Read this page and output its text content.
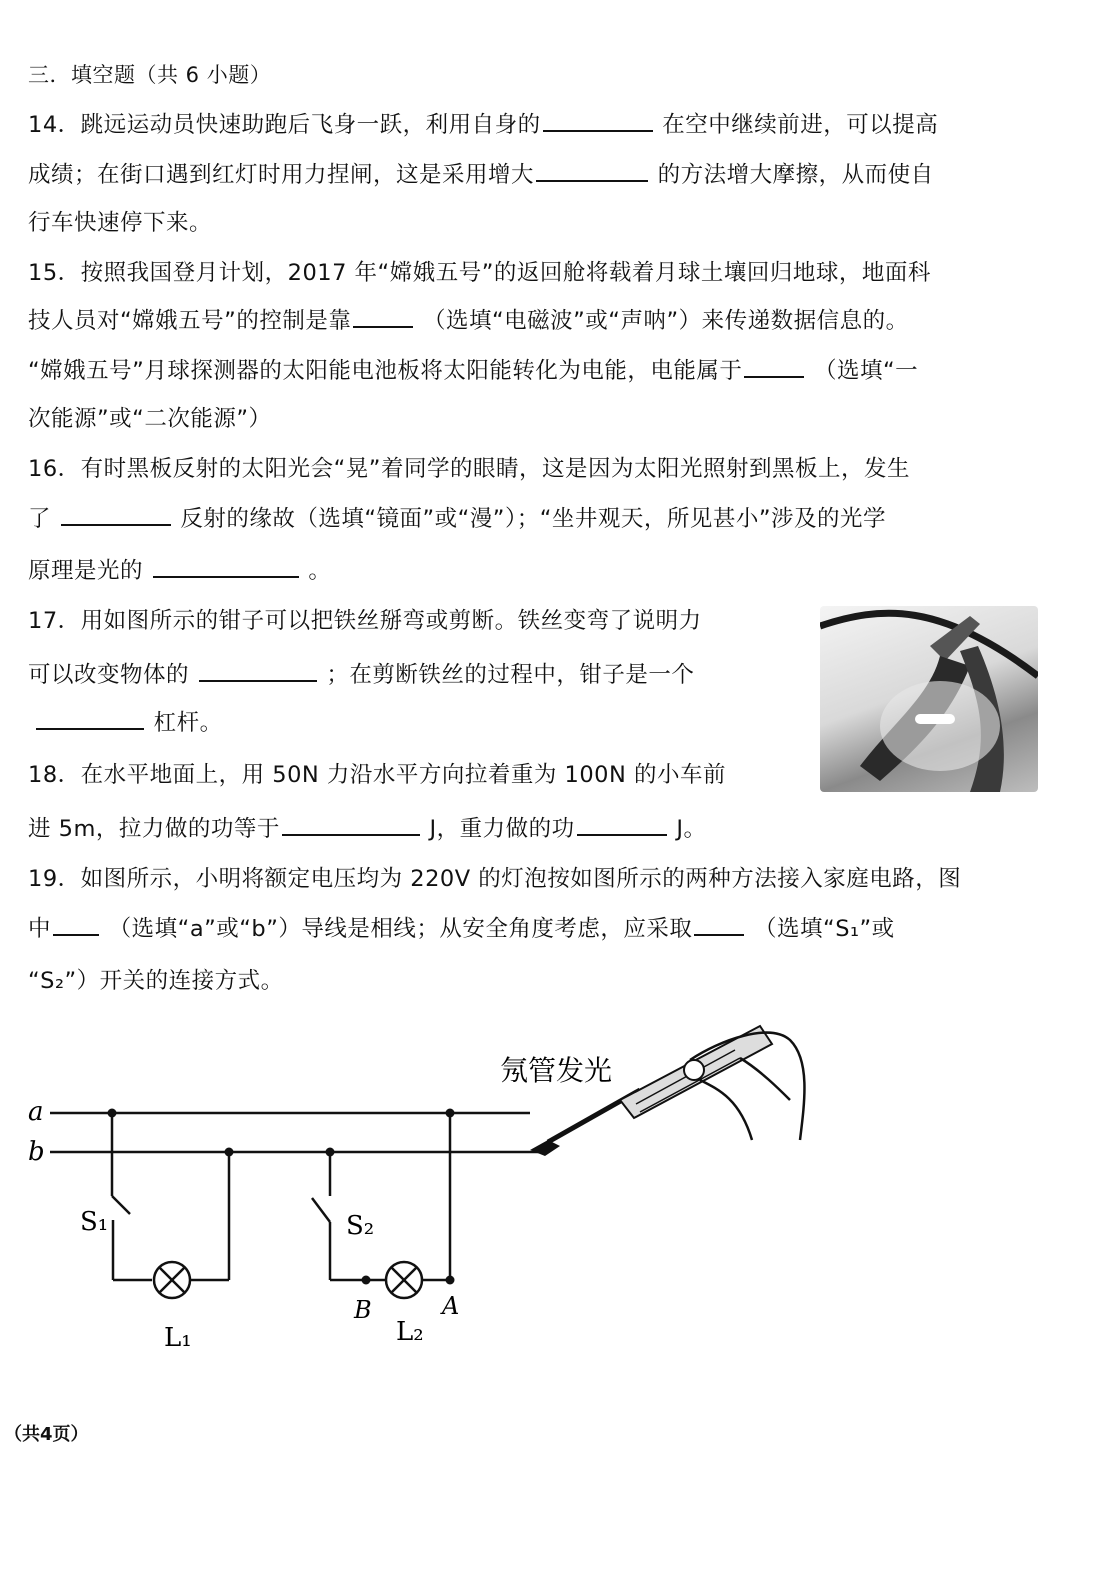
三．填空题（共 6 小题）
14．跳远运动员快速助跑后飞身一跃，利用自身的	在空中继续前进，可以提高
成绩；在街口遇到红灯时用力捏闸，这是采用增大	的方法增大摩擦，从而使自
行车快速停下来。
15．按照我国登月计划，2017 年“嫦娥五号”的返回舱将载着月球土壤回归地球，地面科
技人员对“嫦娥五号”的控制是靠	（选填“电磁波”或“声呐”）来传递数据信息的。
“嫦娥五号”月球探测器的太阳能电池板将太阳能转化为电能，电能属于	（选填“一
次能源”或“二次能源”）
16．有时黑板反射的太阳光会“晃”着同学的眼睛，这是因为太阳光照射到黑板上，发生
了	反射的缘故（选填“镜面”或“漫”）；“坐井观天，所见甚小”涉及的光学
原理是光的	。
17．用如图所示的钳子可以把铁丝掰弯或剪断。铁丝变弯了说明力
可以改变物体的	；在剪断铁丝的过程中，钳子是一个
杠杆。
18．在水平地面上，用 50N 力沿水平方向拉着重为 100N 的小车前
进 5m，拉力做的功等于	J，重力做的功	J。
19．如图所示，小明将额定电压均为 220V 的灯泡按如图所示的两种方法接入家庭电路，图
中	（选填“a”或“b”）导线是相线；从安全角度考虑，应采取	（选填“S₁”或
“S₂”）开关的连接方式。
a
b
S₁	S₂
L₁	L₂
B	A
氖管发光
（共4页）
